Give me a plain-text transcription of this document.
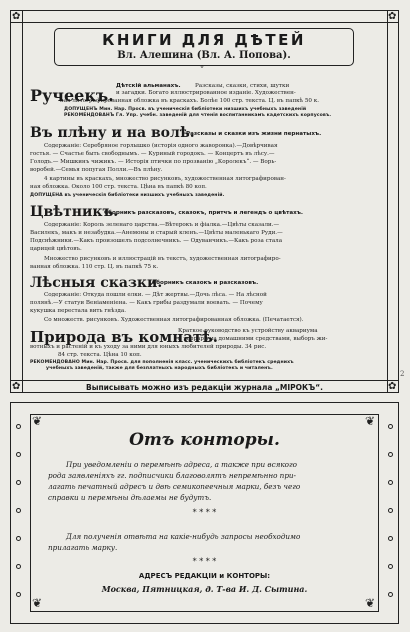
✿	✿
✿	✿
КНИГИ ДЛЯ ДѢТЕЙ
Вл. Алешина (Вл. А. Попова).
°
Ручеекъ. Дѣтскій альманахъ.	Разсказы, сказки, стихи, шутки
и загадки. Богато иллюстрированное изданіе. Художествен-
ная литографированная обложка въ краскахъ. Болѣе 100 стр. текста. Ц. въ папкѣ 50 к.
ДОПУЩЕНЪ Мин. Нар. Просв. въ ученическія библіотеки низшихъ учебныхъ заведеній
РЕКОМЕНДОВАНЪ Гл. Упр. учебн. заведеній для чтенія воспитанникамъ кадетскихъ корпусовъ.
Въ плѣну и на волѣ.
Разсказы и сказки изъ жизни пернатыхъ.
Содержаніе: Серебряное горлышко (исторія одного жаворонка).—Довѣрчивая
гостья. — Счастье быть свободнымъ. — Куриный городокъ. — Концертъ въ лѣсу.—
Голодъ.— Мишкинъ чижикъ. — Исторія птички по прозванію „Королекъ“. — Ворь-
воробей.—Семья попугая Полли.—Въ плѣну.
4 картины въ краскахъ, множество рисунковъ, художественная литографирован-
ная обложка. Около 100 стр. текста. Цѣна въ папкѣ 80 коп.
ДОПУЩЕНА въ ученическія библіотеки низшихъ учебныхъ заведеній.
Цвѣтникъ.
Сборникъ разсказовъ, сказокъ, притчъ и легендъ о цвѣтахъ.
Содержаніе: Король зеленаго царства.—Вѣтерокъ и фіалка.—Цвѣты сказали.—
Василекъ, макъ и незабудка.—Анемоны и старый кленъ.—Цвѣты маленькаго Руди.—
Подснѣжники.—Какъ произошелъ подсолнечникъ. — Одуванчикъ.—Какъ роза стала
царицей цвѣтовъ.
Множество рисунковъ и иллюстрацій въ текстъ, художественная литографиро-
ванная обложка. 110 стр. Ц. въ папкѣ 75 к.
Лѣсныя сказки.
Сборникъ сказокъ и разсказовъ.
Содержаніе: Откуда пошли елки. — Дѣт жертвы.—Дочь лѣса. — На лѣсной
полянѣ.—У статуи Веніаменіена. — Какъ грибы раздумали воевать. — Почему
кукушка перестала вить гнѣзда.
Со множеств. рисунковъ. Художественная литографированная обложка. (Печатается).
Природа въ комнатѣ.
Краткое руководство къ устройству аквариума
и терраріума домашними средствами, выборъ жи-
вотныхъ и растеній и къ уходу за ними для юныхъ любителей природы. 34 рис.
84 стр. текста. Цѣна 10 коп.
РЕКОМЕНДОВАНО Мин. Нар. Просв. для пополненія класс. ученическихъ библіотекъ среднихъ
учебныхъ заведеній, также для безплатныхъ народныхъ библіотекъ и читаленъ.
Выписывать можно изъ редакціи журнала „МІРОКЪ“.
❦	❦
❦	❦
Отъ конторы.
При уведомленіи о перемѣнѣ адреса, а также при всякого
рода заявленіяхъ гг. подписчики благоволятъ непремѣнно при-
лагать печатный адресъ и двѣ семикопеечныя марки, безъ чего
справки и перемѣны дѣлаемы не будутъ.
* * * *
Для полученія отвѣта на какіе-нибудь запросы необходимо
прилагать марку.
* * * *
АДРЕСЪ РЕДАКЦІИ и КОНТОРЫ:
Москва, Пятницкая, д. Т-ва И. Д. Сытина.
2
